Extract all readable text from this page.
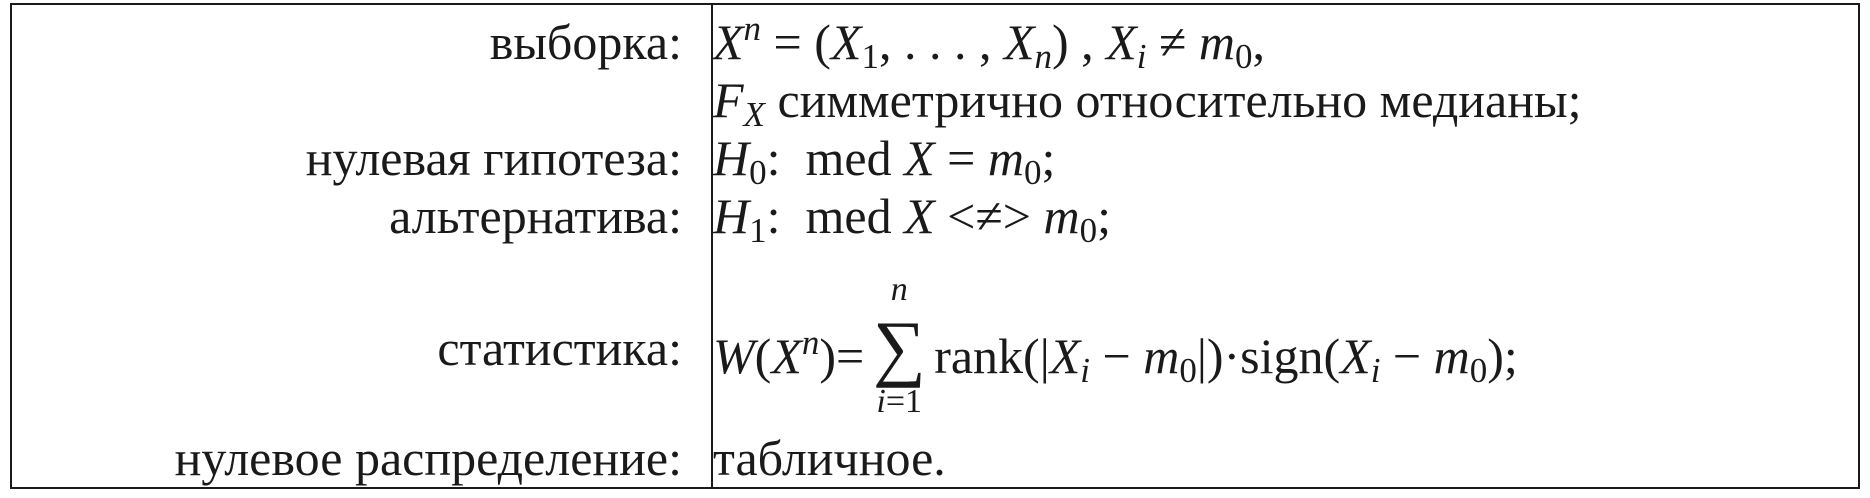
выборка: $X^n = (X_1$, . . . , $X_n$) , $X_i \ne m_0$,
$F_X$ симметрично относительно медианы;
нулевая гипотеза: $H_0$:  med $X = m_0$;
альтернатива: $H_1$:  med X <≠> $m_0$;
статистика: $W(X^n)=$
n
∑
i=1
$rank(|X_i$ − $m_0|)\cdot sign(X_i - m_0)$;
нулевое распределение: табличное.
